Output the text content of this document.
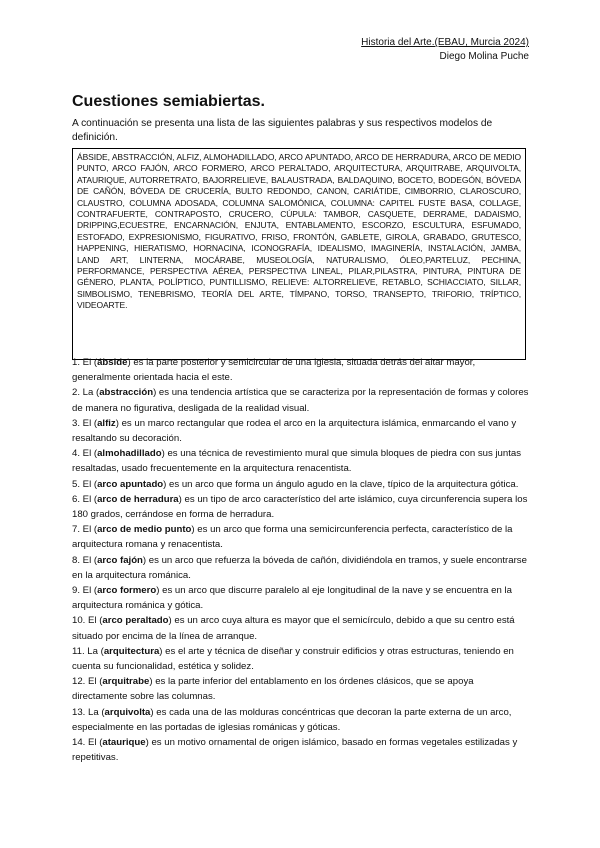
Historia del Arte.(EBAU, Murcia 2024)
Diego Molina Puche
Cuestiones semiabiertas.

A continuación se presenta una lista de las siguientes palabras y sus respectivos modelos de definición.

ÁBSIDE, ABSTRACCIÓN, ALFIZ, ALMOHADILLADO, ARCO APUNTADO, ARCO DE HERRADURA, ARCO DE MEDIO PUNTO, ARCO FAJÓN, ARCO FORMERO, ARCO PERALTADO, ARQUITECTURA, ARQUITRABE, ARQUIVOLTA, ATAURIQUE, AUTORRETRATO, BAJORRELIEVE, BALAUSTRADA, BALDAQUINO, BOCETO, BODEGÓN, BÓVEDA DE CAÑÓN, BÓVEDA DE CRUCERÍA, BULTO REDONDO, CANON, CARIÁTIDE, CIMBORRIO, CLAROSCURO, CLAUSTRO, COLUMNA ADOSADA, COLUMNA SALOMÓNICA, COLUMNA: CAPITEL FUSTE BASA, COLLAGE, CONTRAFUERTE, CONTRAPOSTO, CRUCERO, CÚPULA: TAMBOR, CASQUETE, DERRAME, DADAISMO, DRIPPING,ECUESTRE, ENCARNACIÓN, ENJUTA, ENTABLAMENTO, ESCORZO, ESCULTURA, ESFUMADO, ESTOFADO, EXPRESIONISMO, FIGURATIVO, FRISO, FRONTÓN, GABLETE, GIROLA, GRABADO, GRUTESCO, HAPPENING, HIERATISMO, HORNACINA, ICONOGRAFÍA, IDEALISMO, IMAGINERÍA, INSTALACIÓN, JAMBA, LAND ART, LINTERNA, MOCÁRABE, MUSEOLOGÍA, NATURALISMO, ÓLEO,PARTELUZ, PECHINA, PERFORMANCE, PERSPECTIVA AÉREA, PERSPECTIVA LINEAL, PILAR,PILASTRA, PINTURA, PINTURA DE GÉNERO, PLANTA, POLÍPTICO, PUNTILLISMO, RELIEVE: ALTORRELIEVE, RETABLO, SCHIACCIATO, SILLAR, SIMBOLISMO, TENEBRISMO, TEORÍA DEL ARTE, TÍMPANO, TORSO, TRANSEPTO, TRIFORIO, TRÍPTICO, VIDEOARTE.
1. El (ábside) es la parte posterior y semicircular de una iglesia, situada detrás del altar mayor, generalmente orientada hacia el este.
2. La (abstracción) es una tendencia artística que se caracteriza por la representación de formas y colores de manera no figurativa, desligada de la realidad visual.
3. El (alfiz) es un marco rectangular que rodea el arco en la arquitectura islámica, enmarcando el vano y resaltando su decoración.
4. El (almohadillado) es una técnica de revestimiento mural que simula bloques de piedra con sus juntas resaltadas, usado frecuentemente en la arquitectura renacentista.
5. El (arco apuntado) es un arco que forma un ángulo agudo en la clave, típico de la arquitectura gótica.
6. El (arco de herradura) es un tipo de arco característico del arte islámico, cuya circunferencia supera los 180 grados, cerrándose en forma de herradura.
7. El (arco de medio punto) es un arco que forma una semicircunferencia perfecta, característico de la arquitectura romana y renacentista.
8. El (arco fajón) es un arco que refuerza la bóveda de cañón, dividiéndola en tramos, y suele encontrarse en la arquitectura románica.
9. El (arco formero) es un arco que discurre paralelo al eje longitudinal de la nave y se encuentra en la arquitectura románica y gótica.
10. El (arco peraltado) es un arco cuya altura es mayor que el semicírculo, debido a que su centro está situado por encima de la línea de arranque.
11. La (arquitectura) es el arte y técnica de diseñar y construir edificios y otras estructuras, teniendo en cuenta su funcionalidad, estética y solidez.
12. El (arquitrabe) es la parte inferior del entablamento en los órdenes clásicos, que se apoya directamente sobre las columnas.
13. La (arquivolta) es cada una de las molduras concéntricas que decoran la parte externa de un arco, especialmente en las portadas de iglesias románicas y góticas.
14. El (ataurique) es un motivo ornamental de origen islámico, basado en formas vegetales estilizadas y repetitivas.
